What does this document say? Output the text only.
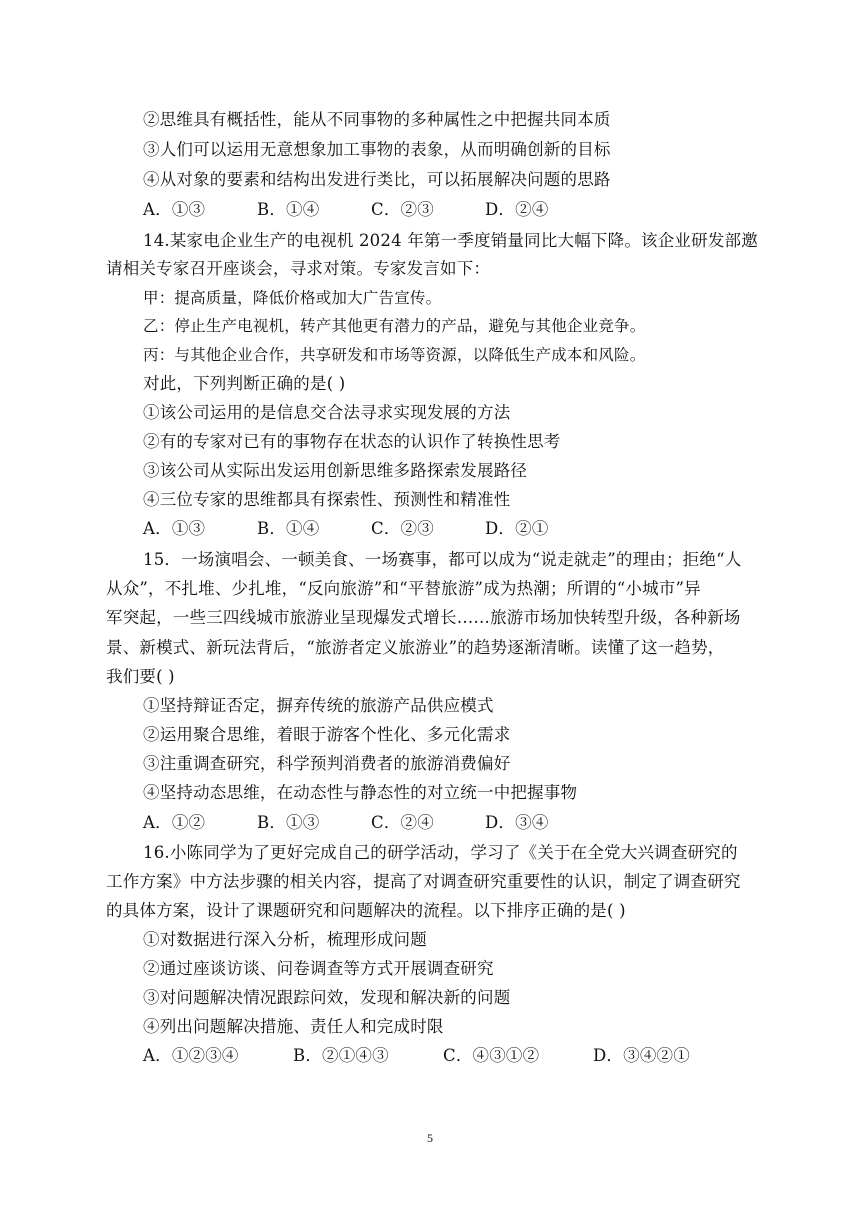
②思维具有概括性，能从不同事物的多种属性之中把握共同本质
③人们可以运用无意想象加工事物的表象，从而明确创新的目标
④从对象的要素和结构出发进行类比，可以拓展解决问题的思路
A．①③	B．①④	C．②③	D．②④
14.某家电企业生产的电视机 2024 年第一季度销量同比大幅下降。该企业研发部邀
请相关专家召开座谈会，寻求对策。专家发言如下：
甲：提高质量，降低价格或加大广告宣传。
乙：停止生产电视机，转产其他更有潜力的产品，避免与其他企业竞争。
丙：与其他企业合作，共享研发和市场等资源，以降低生产成本和风险。
对此，下列判断正确的是( )
①该公司运用的是信息交合法寻求实现发展的方法
②有的专家对已有的事物存在状态的认识作了转换性思考
③该公司从实际出发运用创新思维多路探索发展路径
④三位专家的思维都具有探索性、预测性和精准性
A．①③	B．①④	C．②③	D．②①
15．一场演唱会、一顿美食、一场赛事，都可以成为“说走就走”的理由；拒绝“人
从众”，不扎堆、少扎堆，“反向旅游”和“平替旅游”成为热潮；所谓的“小城市”异
军突起，一些三四线城市旅游业呈现爆发式增长……旅游市场加快转型升级，各种新场
景、新模式、新玩法背后，“旅游者定义旅游业”的趋势逐渐清晰。读懂了这一趋势，
我们要( )
①坚持辩证否定，摒弃传统的旅游产品供应模式
②运用聚合思维，着眼于游客个性化、多元化需求
③注重调查研究，科学预判消费者的旅游消费偏好
④坚持动态思维，在动态性与静态性的对立统一中把握事物
A．①②	B．①③	C．②④	D．③④
16.小陈同学为了更好完成自己的研学活动，学习了《关于在全党大兴调查研究的
工作方案》中方法步骤的相关内容，提高了对调查研究重要性的认识，制定了调查研究
的具体方案，设计了课题研究和问题解决的流程。以下排序正确的是( )
①对数据进行深入分析，梳理形成问题
②通过座谈访谈、问卷调查等方式开展调查研究
③对问题解决情况跟踪问效，发现和解决新的问题
④列出问题解决措施、责任人和完成时限
A．①②③④	B．②①④③	C．④③①②	D．③④②①
5
